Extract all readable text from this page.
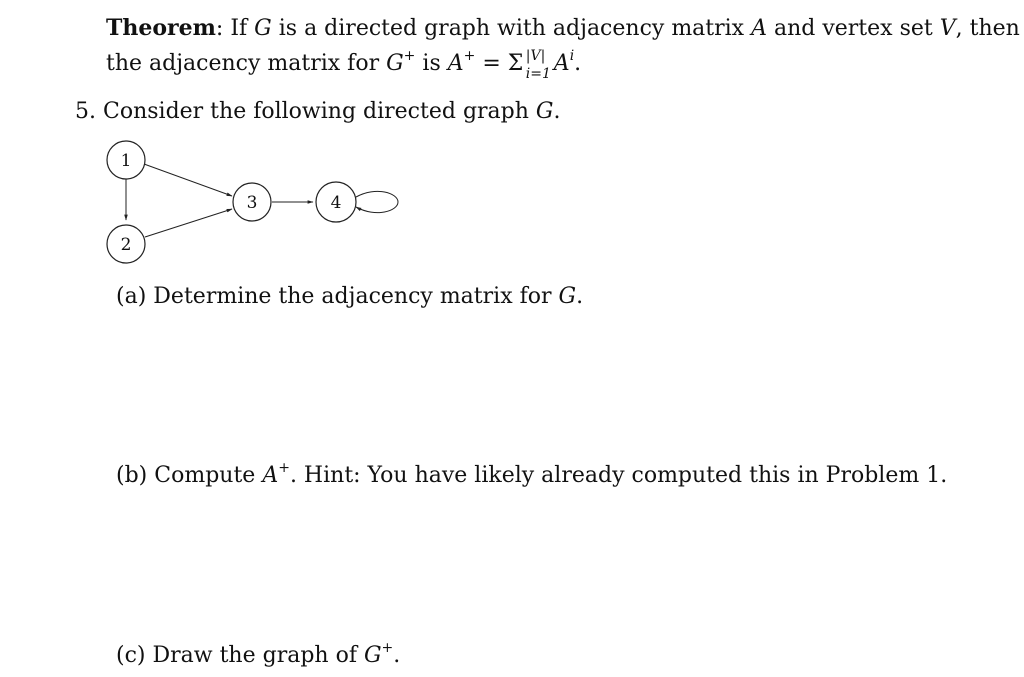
Theorem: If G is a directed graph with adjacency matrix A and vertex set V, then
the adjacency matrix for G+ is A+ = Σ |V|
i=1 $A^i$.
5. Consider the following directed graph G.
1
2
3	4
(a) Determine the adjacency matrix for G.
(b) Compute A+. Hint: You have likely already computed this in Problem 1.
(c) Draw the graph of G+.
